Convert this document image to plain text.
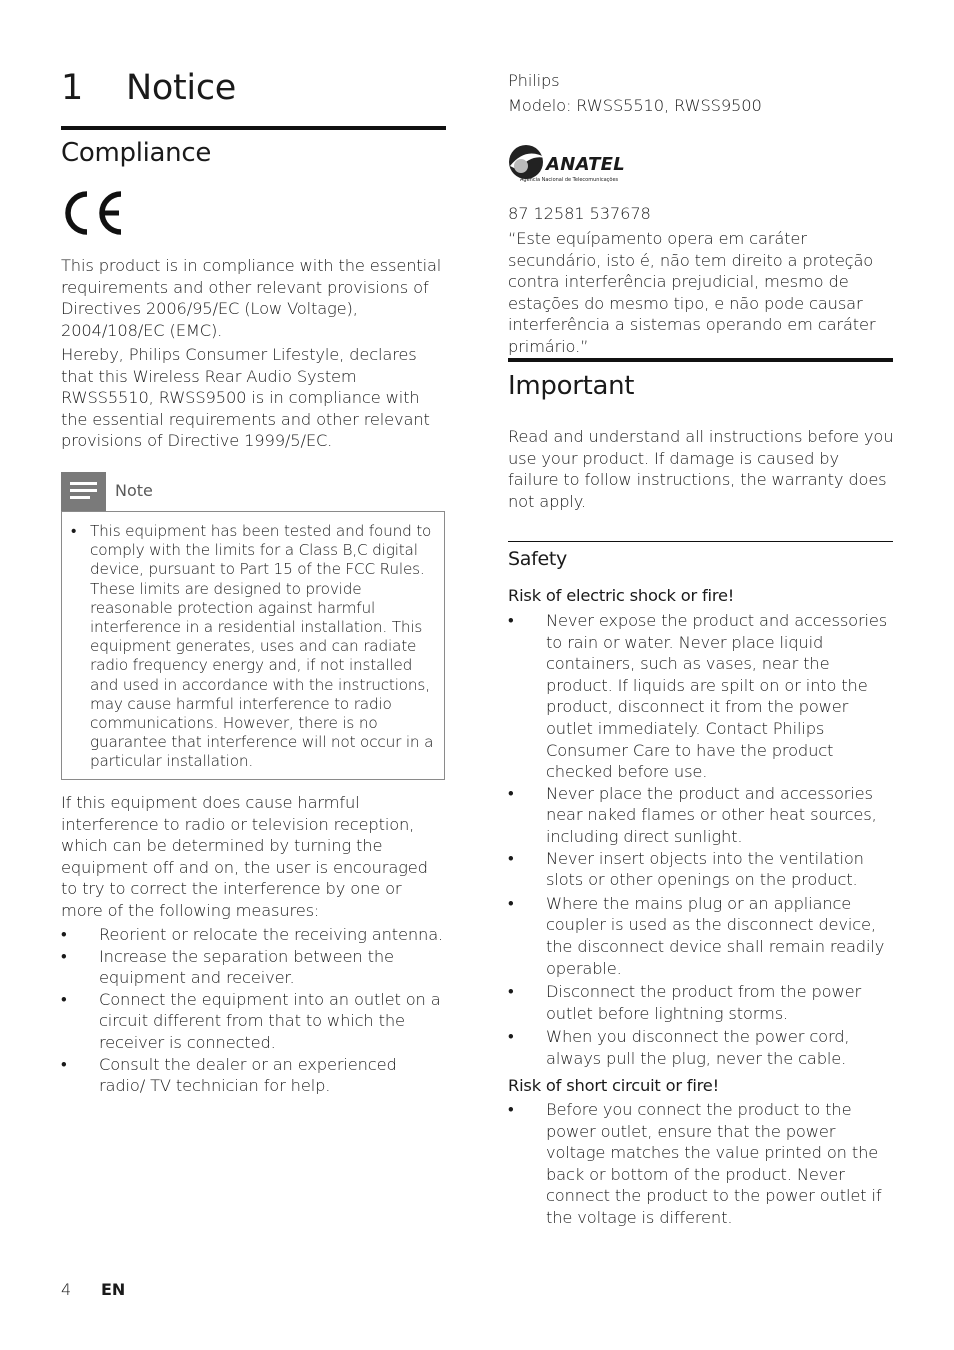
1 Notice
Compliance

This product is in compliance with the essential requirements and other relevant provisions of Directives 2006/95/EC (Low Voltage), 2004/108/EC (EMC).

Hereby, Philips Consumer Lifestyle, declares that this Wireless Rear Audio System RWSS5510, RWSS9500 is in compliance with the essential requirements and other relevant provisions of Directive 1999/5/EC.

Note
• This equipment has been tested and found to comply with the limits for a Class B,C digital device, pursuant to Part 15 of the FCC Rules. These limits are designed to provide reasonable protection against harmful interference in a residential installation. This equipment generates, uses and can radiate radio frequency energy and, if not installed and used in accordance with the instructions, may cause harmful interference to radio communications. However, there is no guarantee that interference will not occur in a particular installation.

If this equipment does cause harmful interference to radio or television reception, which can be determined by turning the equipment off and on, the user is encouraged to try to correct the interference by one or more of the following measures:

• Reorient or relocate the receiving antenna.
• Increase the separation between the equipment and receiver.
• Connect the equipment into an outlet on a circuit different from that to which the receiver is connected.
• Consult the dealer or an experienced radio/ TV technician for help.

Philips

Modelo: RWSS5510, RWSS9500

ANATEL
Agência Nacional de Telecomunicações

87 12581 537678

“Este equípamento opera em caráter secundário, isto é, não tem direito a proteção contra interferência prejudicial, mesmo de estações do mesmo tipo, e não pode causar interferência a sistemas operando em caráter primário.”

Important

Read and understand all instructions before you use your product. If damage is caused by failure to follow instructions, the warranty does not apply.

Safety
Risk of electric shock or fire!
• Never expose the product and accessories to rain or water. Never place liquid containers, such as vases, near the product. If liquids are spilt on or into the product, disconnect it from the power outlet immediately. Contact Philips Consumer Care to have the product checked before use.
• Never place the product and accessories near naked flames or other heat sources, including direct sunlight.
• Never insert objects into the ventilation slots or other openings on the product.
• Where the mains plug or an appliance coupler is used as the disconnect device, the disconnect device shall remain readily operable.
• Disconnect the product from the power outlet before lightning storms.
• When you disconnect the power cord, always pull the plug, never the cable.
Risk of short circuit or fire!
• Before you connect the product to the power outlet, ensure that the power voltage matches the value printed on the back or bottom of the product. Never connect the product to the power outlet if the voltage is different.
4 EN
